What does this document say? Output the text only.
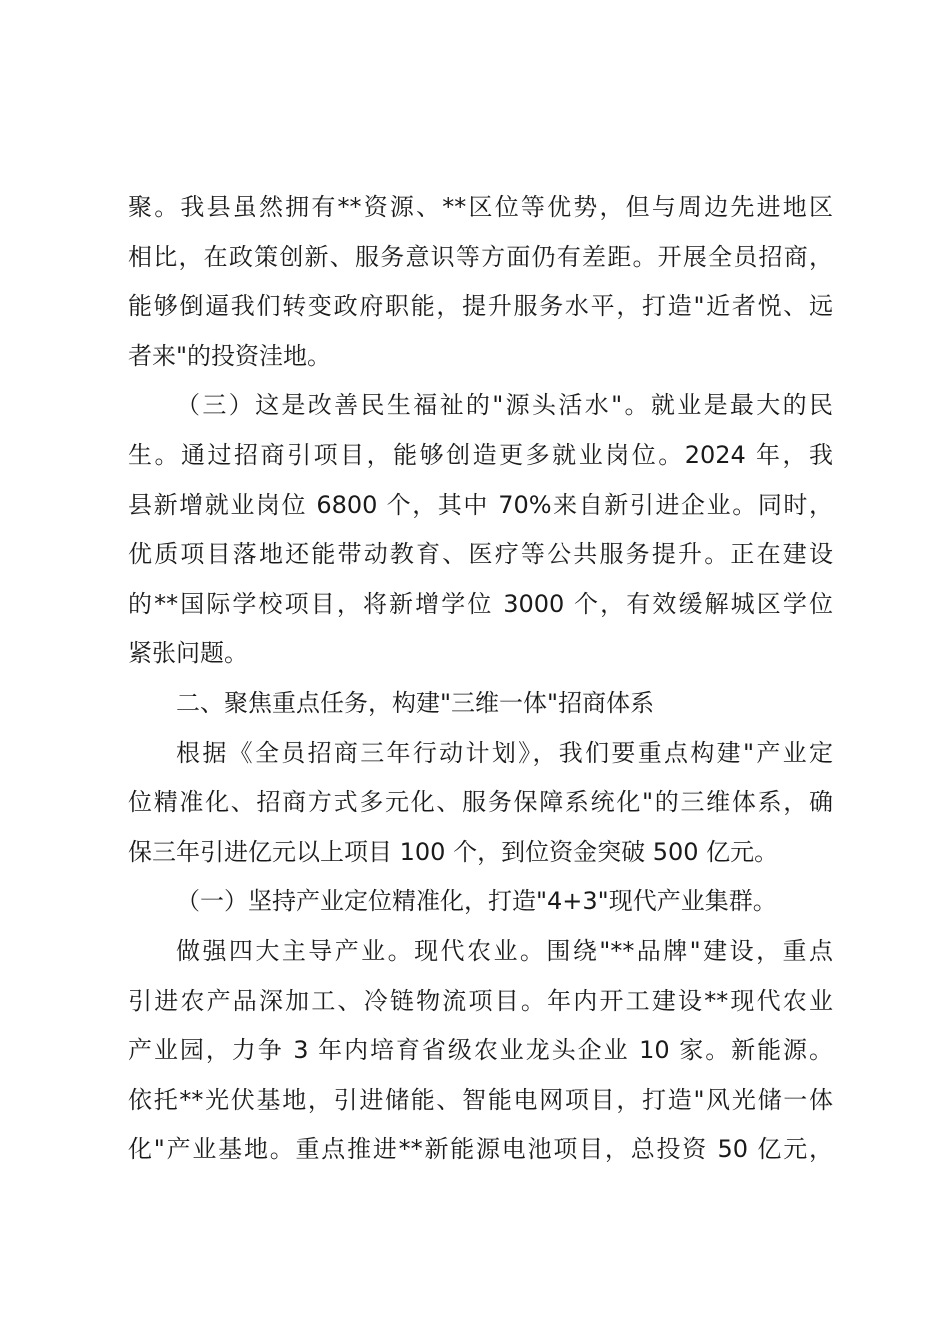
聚。我县虽然拥有**资源、**区位等优势，但与周边先进地区
相比，在政策创新、服务意识等方面仍有差距。开展全员招商，
能够倒逼我们转变政府职能，提升服务水平，打造"近者悦、远
者来"的投资洼地。
（三）这是改善民生福祉的"源头活水"。就业是最大的民
生。通过招商引项目，能够创造更多就业岗位。2024 年，我
县新增就业岗位 6800 个，其中 70%来自新引进企业。同时，
优质项目落地还能带动教育、医疗等公共服务提升。正在建设
的**国际学校项目，将新增学位 3000 个，有效缓解城区学位
紧张问题。
二、聚焦重点任务，构建"三维一体"招商体系
根据《全员招商三年行动计划》，我们要重点构建"产业定
位精准化、招商方式多元化、服务保障系统化"的三维体系，确
保三年引进亿元以上项目 100 个，到位资金突破 500 亿元。
（一）坚持产业定位精准化，打造"4+3"现代产业集群。
做强四大主导产业。现代农业。围绕"**品牌"建设，重点
引进农产品深加工、冷链物流项目。年内开工建设**现代农业
产业园，力争 3 年内培育省级农业龙头企业 10 家。新能源。
依托**光伏基地，引进储能、智能电网项目，打造"风光储一体
化"产业基地。重点推进**新能源电池项目，总投资 50 亿元，
